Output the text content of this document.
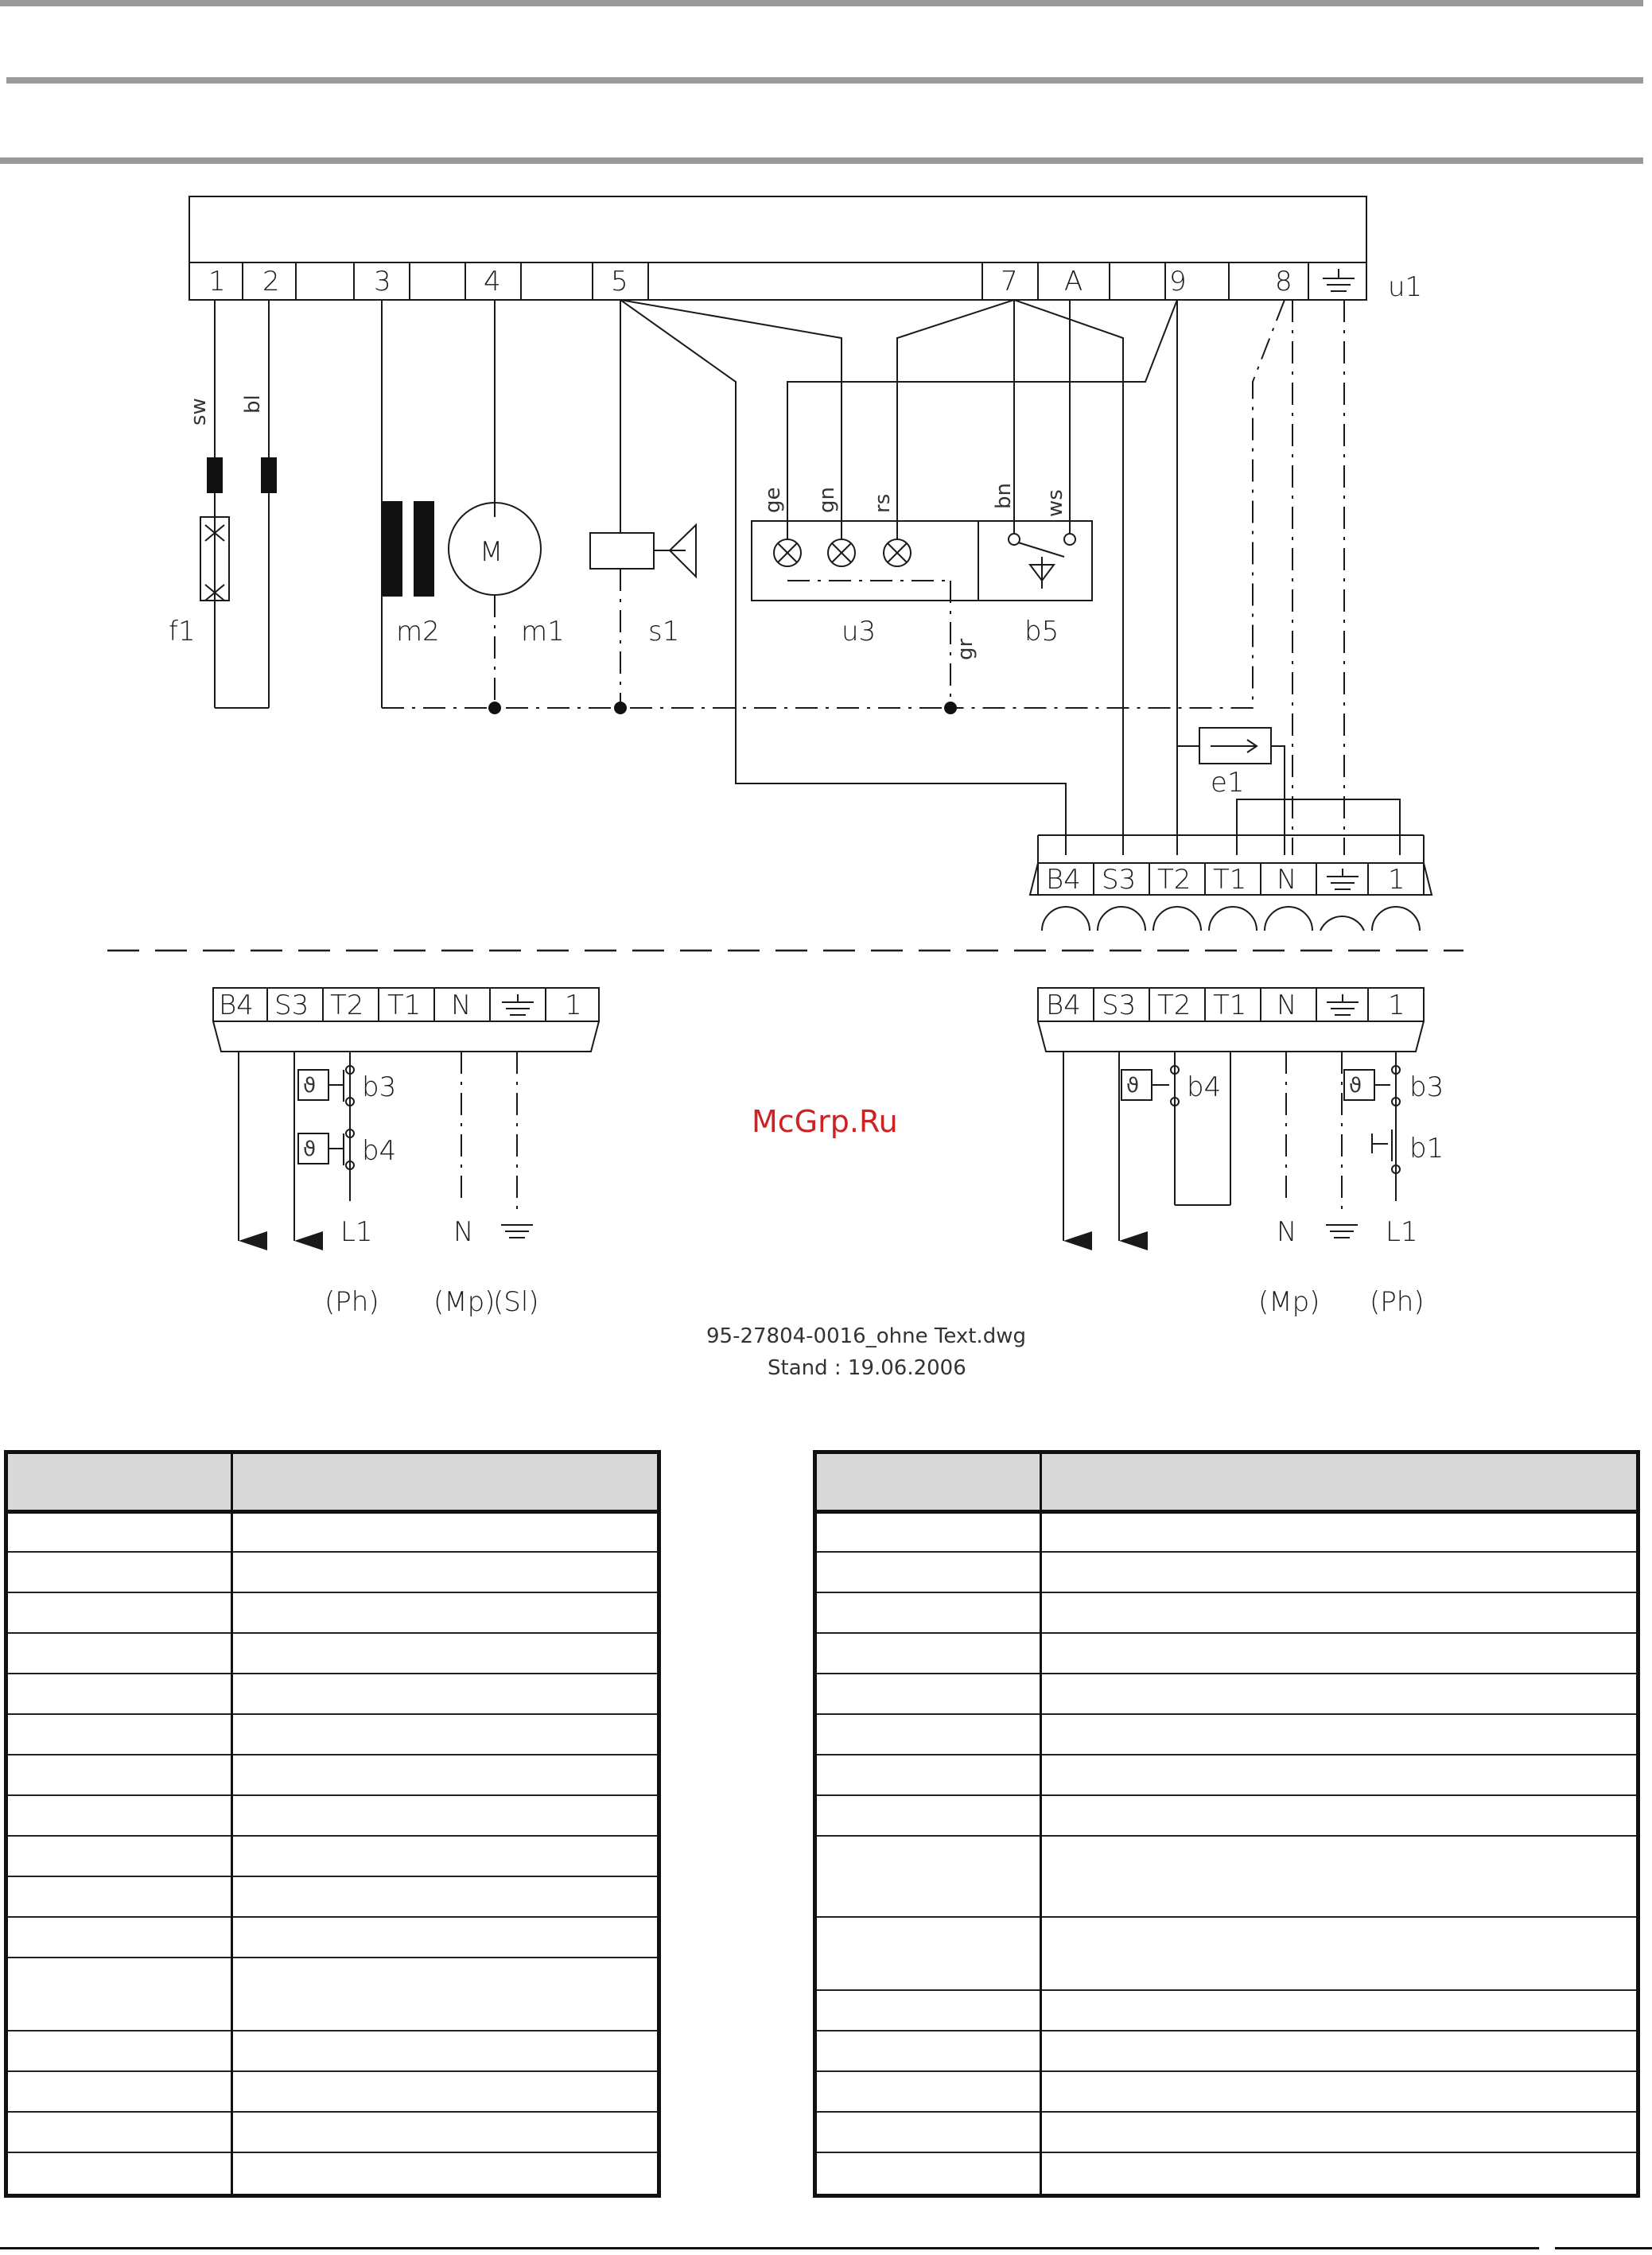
1 2	3	4	5	7 A	9	8	u1
sw bl
f1
M
m2	m1	s1
ge gn rs	bn ws
gr
u3	b5
e1
B4 S3 T2 T1 N	1
B4 S3 T2 T1 N	1
ϑ b3
ϑ b4
L1	N
(Ph) (Mp)
(Sl)
B4 S3 T2 T1 N	1
ϑ b4	ϑ b3
b1
N	L1
(Mp) (Ph)
95-27804-0016_ohne Text.dwg
Stand : 19.06.2006
McGrp.Ru
